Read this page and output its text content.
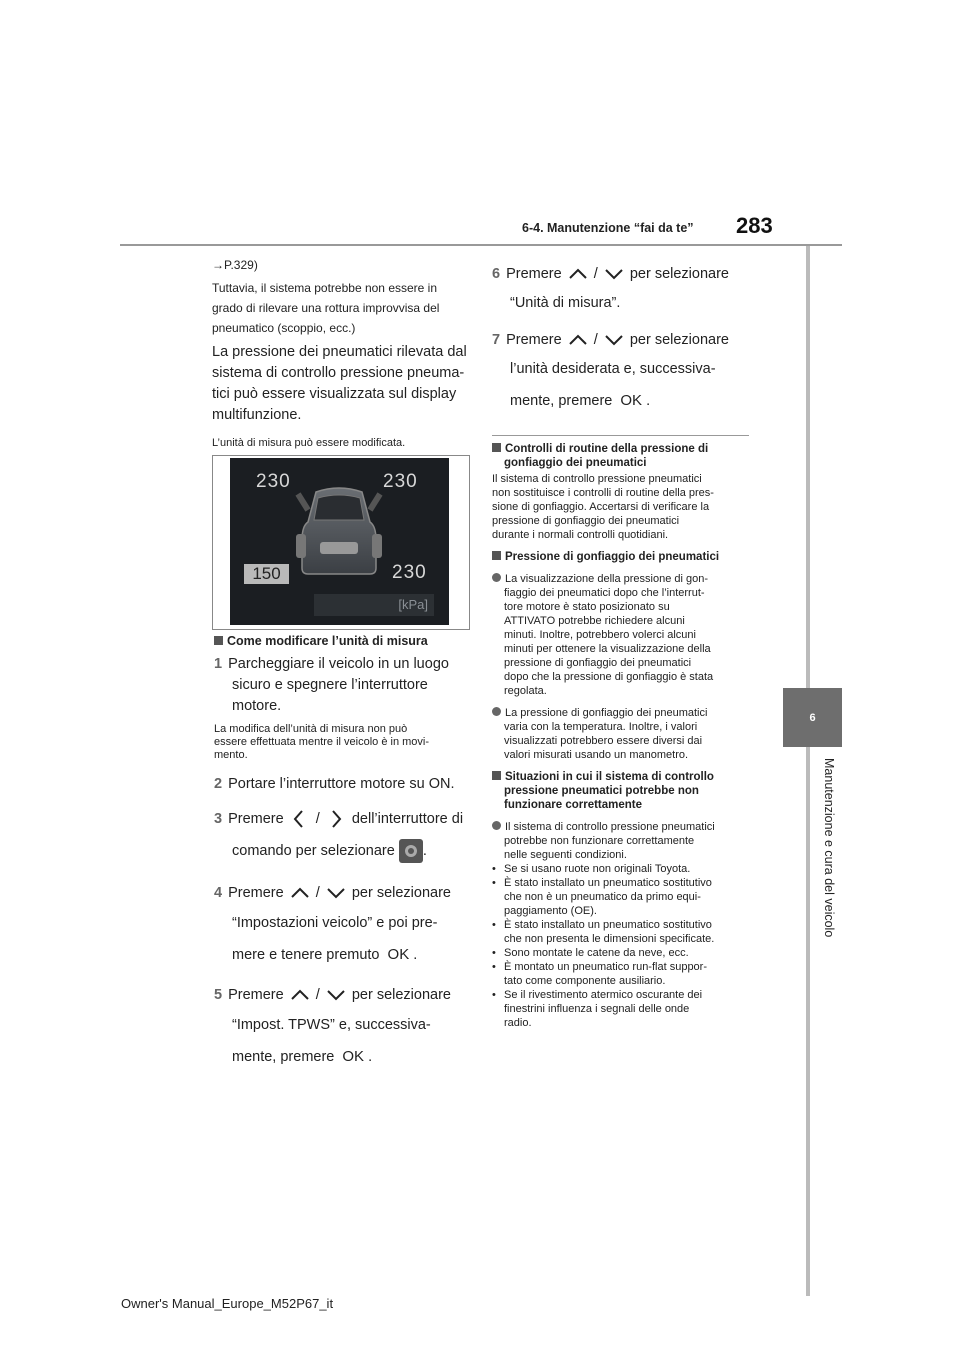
6-4. Manutenzione “fai da te” 283
6
Manutenzione e cura del veicolo
→P.329)
Tuttavia, il sistema potrebbe non essere in
grado di rilevare una rottura improvvisa del
pneumatico (scoppio, ecc.)
La pressione dei pneumatici rilevata dal
sistema di controllo pressione pneuma-
tici può essere visualizzata sul display
multifunzione.
L’unità di misura può essere modificata.
230	230
150	230
[kPa]
Come modificare l’unità di misura
1 Parcheggiare il veicolo in un luogo
sicuro e spegnere l’interruttore
motore.
La modifica dell’unità di misura non può
essere effettuata mentre il veicolo è in movi-
mento.
2 Portare l’interruttore motore su ON.
3 Premere / dell’interruttore di
comando per selezionare .
4 Premere / per selezionare
“Impostazioni veicolo” e poi pre-
mere e tenere premuto OK .
5 Premere / per selezionare
“Impost. TPWS” e, successiva-
mente, premere OK .
6 Premere / per selezionare
“Unità di misura”.
7 Premere / per selezionare
l’unità desiderata e, successiva-
mente, premere OK .
Controlli di routine della pressione di
gonfiaggio dei pneumatici
Il sistema di controllo pressione pneumatici
non sostituisce i controlli di routine della pres-
sione di gonfiaggio. Accertarsi di verificare la
pressione di gonfiaggio dei pneumatici
durante i normali controlli quotidiani.
Pressione di gonfiaggio dei pneumatici
La visualizzazione della pressione di gon-
fiaggio dei pneumatici dopo che l’interrut-
tore motore è stato posizionato su
ATTIVATO potrebbe richiedere alcuni
minuti. Inoltre, potrebbero volerci alcuni
minuti per ottenere la visualizzazione della
pressione di gonfiaggio dei pneumatici
dopo che la pressione di gonfiaggio è stata
regolata.
La pressione di gonfiaggio dei pneumatici
varia con la temperatura. Inoltre, i valori
visualizzati potrebbero essere diversi dai
valori misurati usando un manometro.
Situazioni in cui il sistema di controllo
pressione pneumatici potrebbe non
funzionare correttamente
Il sistema di controllo pressione pneumatici
potrebbe non funzionare correttamente
nelle seguenti condizioni.
• Se si usano ruote non originali Toyota.
• È stato installato un pneumatico sostitutivo
che non è un pneumatico da primo equi-
paggiamento (OE).
• È stato installato un pneumatico sostitutivo
che non presenta le dimensioni specificate.
• Sono montate le catene da neve, ecc.
• È montato un pneumatico run-flat suppor-
tato come componente ausiliario.
• Se il rivestimento atermico oscurante dei
finestrini influenza i segnali delle onde
radio.
Owner's Manual_Europe_M52P67_it
